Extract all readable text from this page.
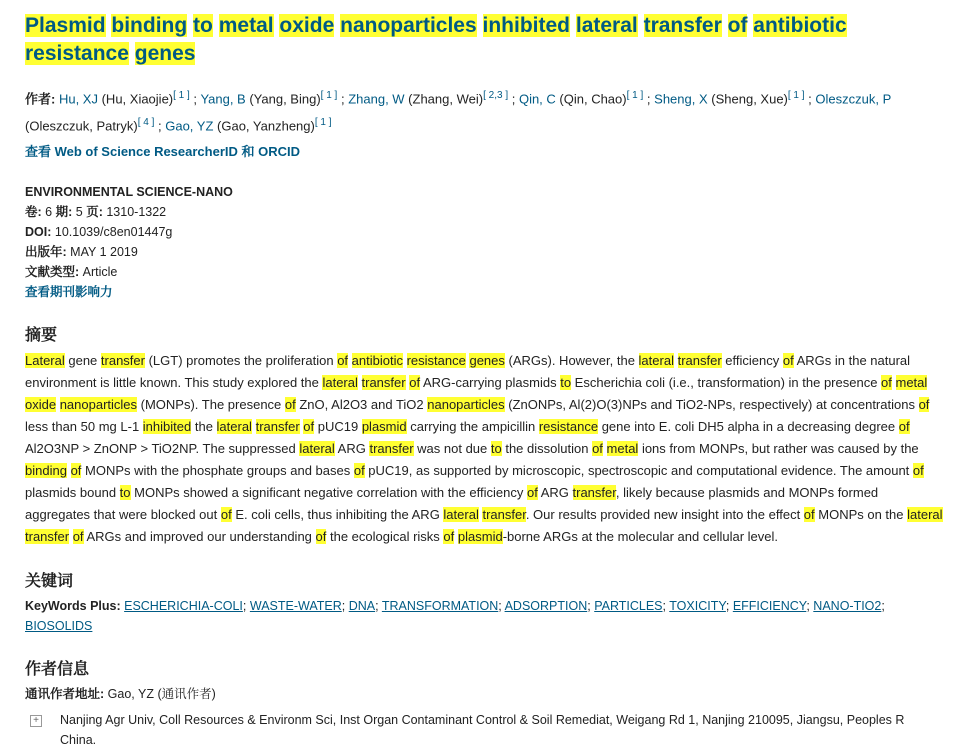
Plasmid binding to metal oxide nanoparticles inhibited lateral transfer of antibiotic resistance genes
作者: Hu, XJ (Hu, Xiaojie)[ 1 ] ; Yang, B (Yang, Bing)[ 1 ] ; Zhang, W (Zhang, Wei)[ 2,3 ] ; Qin, C (Qin, Chao)[ 1 ] ; Sheng, X (Sheng, Xue)[ 1 ] ; Oleszczuk, P (Oleszczuk, Patryk)[ 4 ] ; Gao, YZ (Gao, Yanzheng)[ 1 ]
查看 Web of Science ResearcherID 和 ORCID
ENVIRONMENTAL SCIENCE-NANO
卷: 6 期: 5 页: 1310-1322
DOI: 10.1039/c8en01447g
出版年: MAY 1 2019
文献类型: Article
查看期刊影响力
摘要

Lateral gene transfer (LGT) promotes the proliferation of antibiotic resistance genes (ARGs). However, the lateral transfer efficiency of ARGs in the natural environment is little known. This study explored the lateral transfer of ARG-carrying plasmids to Escherichia coli (i.e., transformation) in the presence of metal oxide nanoparticles (MONPs). The presence of ZnO, Al2O3 and TiO2 nanoparticles (ZnONPs, Al(2)O(3)NPs and TiO2-NPs, respectively) at concentrations of less than 50 mg L-1 inhibited the lateral transfer of pUC19 plasmid carrying the ampicillin resistance gene into E. coli DH5 alpha in a decreasing degree of Al2O3NP > ZnONP > TiO2NP. The suppressed lateral ARG transfer was not due to the dissolution of metal ions from MONPs, but rather was caused by the binding of MONPs with the phosphate groups and bases of pUC19, as supported by microscopic, spectroscopic and computational evidence. The amount of plasmids bound to MONPs showed a significant negative correlation with the efficiency of ARG transfer, likely because plasmids and MONPs formed aggregates that were blocked out of E. coli cells, thus inhibiting the ARG lateral transfer. Our results provided new insight into the effect of MONPs on the lateral transfer of ARGs and improved our understanding of the ecological risks of plasmid-borne ARGs at the molecular and cellular level.

关键词
KeyWords Plus: ESCHERICHIA-COLI; WASTE-WATER; DNA; TRANSFORMATION; ADSORPTION; PARTICLES; TOXICITY; EFFICIENCY; NANO-TIO2; BIOSOLIDS
作者信息
通讯作者地址: Gao, YZ (通讯作者)
+ Nanjing Agr Univ, Coll Resources & Environm Sci, Inst Organ Contaminant Control & Soil Remediat, Weigang Rd 1, Nanjing 210095, Jiangsu, Peoples R China.
